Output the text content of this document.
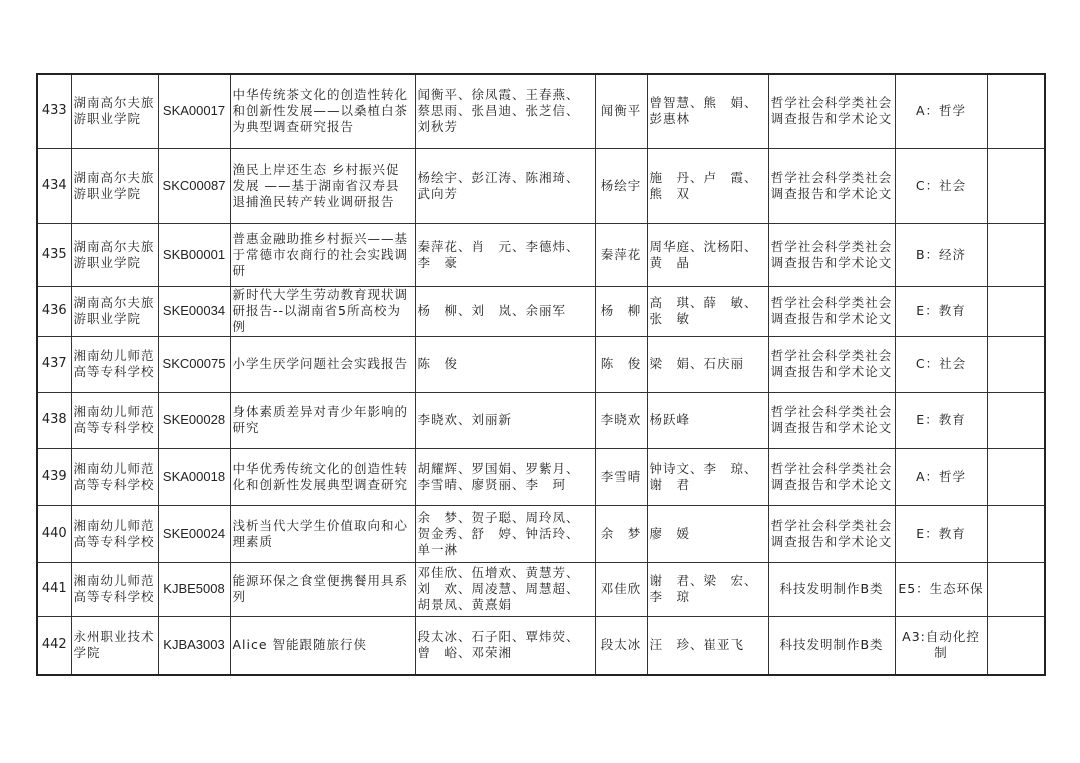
433	湖南高尔夫旅游职业学院	SKA00017	中华传统茶文化的创造性转化和创新性发展——以桑植白茶为典型调查研究报告	闻衡平、徐凤霞、王春燕、蔡思雨、张昌迪、张芝信、刘秋芳	闻衡平	曾智慧、熊　娟、彭惠林	哲学社会科学类社会调查报告和学术论文	A：哲学	
434	湖南高尔夫旅游职业学院	SKC00087	渔民上岸还生态 乡村振兴促发展 ——基于湖南省汉寿县退捕渔民转产转业调研报告	杨绘宇、彭江涛、陈湘琦、武向芳	杨绘宇	施　丹、卢　霞、熊　双	哲学社会科学类社会调查报告和学术论文	C：社会	
435	湖南高尔夫旅游职业学院	SKB00001	普惠金融助推乡村振兴——基于常德市农商行的社会实践调研	秦萍花、肖　元、李德炜、李　豪	秦萍花	周华庭、沈杨阳、黄　晶	哲学社会科学类社会调查报告和学术论文	B：经济	
436	湖南高尔夫旅游职业学院	SKE00034	新时代大学生劳动教育现状调研报告--以湖南省5所高校为例	杨　柳、刘　岚、余丽军	杨　柳	高　琪、薛　敏、张　敏	哲学社会科学类社会调查报告和学术论文	E：教育	
437	湘南幼儿师范高等专科学校	SKC00075	小学生厌学问题社会实践报告	陈　俊	陈　俊	梁　娟、石庆丽	哲学社会科学类社会调查报告和学术论文	C：社会	
438	湘南幼儿师范高等专科学校	SKE00028	身体素质差异对青少年影响的研究	李晓欢、刘丽新	李晓欢	杨跃峰	哲学社会科学类社会调查报告和学术论文	E：教育	
439	湘南幼儿师范高等专科学校	SKA00018	中华优秀传统文化的创造性转化和创新性发展典型调查研究	胡耀辉、罗国娟、罗紫月、李雪晴、廖贤丽、李　珂	李雪晴	钟诗文、李　琼、谢　君	哲学社会科学类社会调查报告和学术论文	A：哲学	
440	湘南幼儿师范高等专科学校	SKE00024	浅析当代大学生价值取向和心理素质	余　梦、贺子聪、周玲凤、贺金秀、舒　婷、钟活玲、单一淋	余　梦	廖　媛	哲学社会科学类社会调查报告和学术论文	E：教育	
441	湘南幼儿师范高等专科学校	KJBE5008	能源环保之食堂便携餐用具系列	邓佳欣、伍增欢、黄慧芳、刘　欢、周凌慧、周慧超、胡景凤、黄熹娟	邓佳欣	谢　君、梁　宏、李　琼	科技发明制作B类	E5：生态环保	
442	永州职业技术学院	KJBA3003	Alice 智能跟随旅行侠	段太冰、石子阳、覃炜荧、曾　峪、邓荣湘	段太冰	汪　珍、崔亚飞	科技发明制作B类	A3:自动化控制	
